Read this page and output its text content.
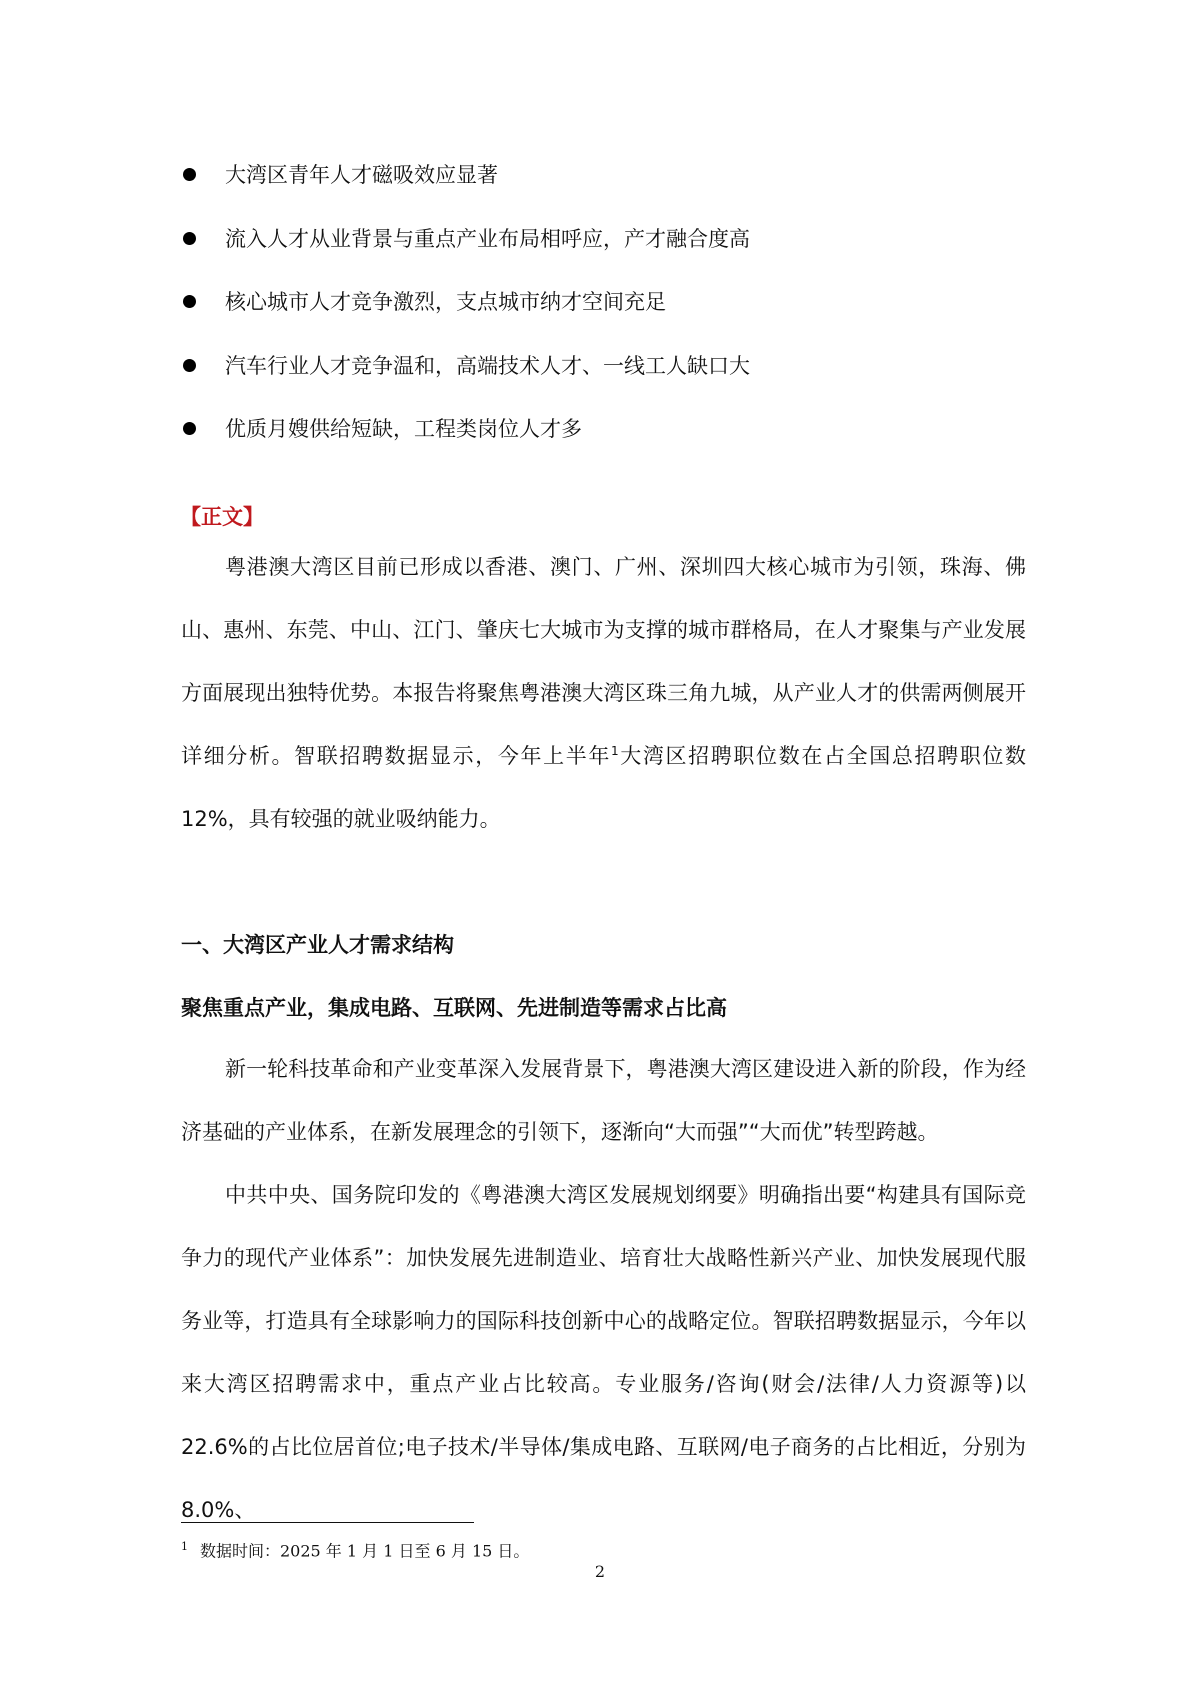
大湾区青年人才磁吸效应显著
流入人才从业背景与重点产业布局相呼应，产才融合度高
核心城市人才竞争激烈，支点城市纳才空间充足
汽车行业人才竞争温和，高端技术人才、一线工人缺口大
优质月嫂供给短缺，工程类岗位人才多
【正文】

粤港澳大湾区目前已形成以香港、澳门、广州、深圳四大核心城市为引领，珠海、佛山、惠州、东莞、中山、江门、肇庆七大城市为支撑的城市群格局，在人才聚集与产业发展方面展现出独特优势。本报告将聚焦粤港澳大湾区珠三角九城，从产业人才的供需两侧展开详细分析。智联招聘数据显示，今年上半年$^1$大湾区招聘职位数在占全国总招聘职位数 12%，具有较强的就业吸纳能力。

一、大湾区产业人才需求结构
聚焦重点产业，集成电路、互联网、先进制造等需求占比高

新一轮科技革命和产业变革深入发展背景下，粤港澳大湾区建设进入新的阶段，作为经济基础的产业体系，在新发展理念的引领下，逐渐向“大而强”“大而优”转型跨越。

中共中央、国务院印发的《粤港澳大湾区发展规划纲要》明确指出要“构建具有国际竞争力的现代产业体系”：加快发展先进制造业、培育壮大战略性新兴产业、加快发展现代服务业等，打造具有全球影响力的国际科技创新中心的战略定位。智联招聘数据显示，今年以来大湾区招聘需求中，重点产业占比较高。专业服务/咨询(财会/法律/人力资源等)以 22.6%的占比位居首位;电子技术/半导体/集成电路、互联网/电子商务的占比相近，分别为 8.0%、

$^1$ 数据时间：2025 年 1 月 1 日至 6 月 15 日。
2
